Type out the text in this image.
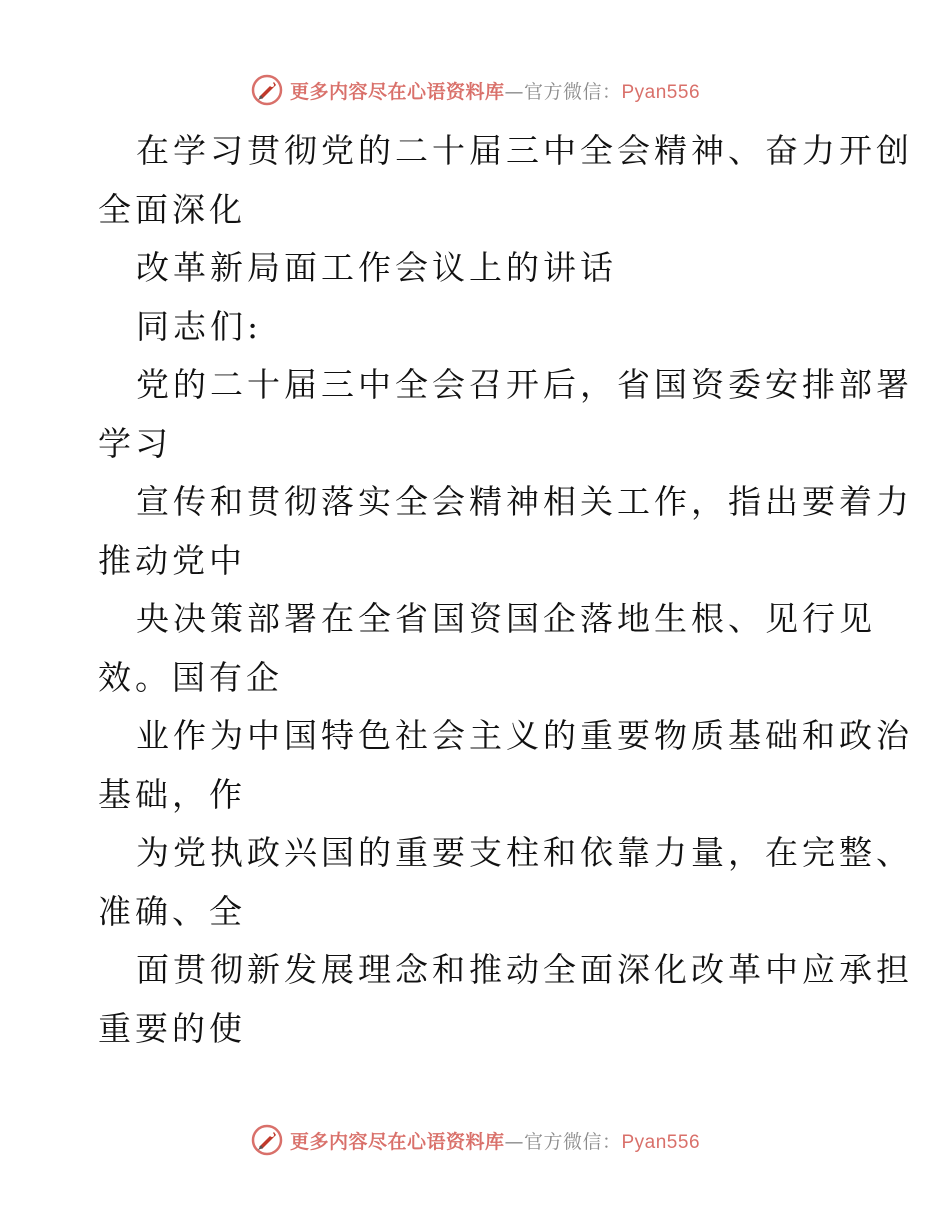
更多内容尽在心语资料库—官方微信：Pyan556
在学习贯彻党的二十届三中全会精神、奋力开创
全面深化
改革新局面工作会议上的讲话
同志们:
党的二十届三中全会召开后，省国资委安排部署
学习
宣传和贯彻落实全会精神相关工作，指出要着力
推动党中
央决策部署在全省国资国企落地生根、见行见
效。国有企
业作为中国特色社会主义的重要物质基础和政治
基础，作
为党执政兴国的重要支柱和依靠力量，在完整、
准确、全
面贯彻新发展理念和推动全面深化改革中应承担
重要的使
更多内容尽在心语资料库—官方微信：Pyan556
